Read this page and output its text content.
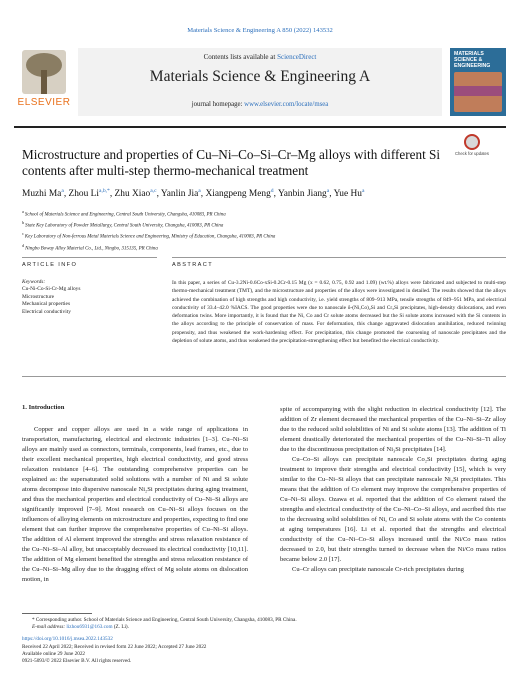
Materials Science & Engineering A 850 (2022) 143532
ELSEVIER
Contents lists available at ScienceDirect
Materials Science & Engineering A
journal homepage: www.elsevier.com/locate/msea
MATERIALS SCIENCE & ENGINEERING
Microstructure and properties of Cu–Ni–Co–Si–Cr–Mg alloys with different Si contents after multi-step thermo-mechanical treatment
Check for updates
Muzhi Ma$^a$, Zhou $Li^{a,b,*}$, Zhu Xiao$^{a,c}$, Yanlin Jia$^a$, Xiangpeng Meng$^d$, Yanbin Jiang$^a$, Yue Hu$^a$
$^a$ School of Materials Science and Engineering, Central South University, Changsha, 410083, PR China
$^b$ State Key Laboratory of Powder Metallurgy, Central South University, Changsha, 410083, PR China
$^c$ Key Laboratory of Non-ferrous Metal Materials Science and Engineering, Ministry of Education, Changsha, 410083, PR China
$^d$ Ningbo Boway Alloy Material Co., Ltd., Ningbo, 315135, PR China
ARTICLE INFO	ABSTRACT
Keywords:
Cu-Ni-Co-Si-Cr-Mg alloys
Microstructure
Mechanical properties
Electrical conductivity
In this paper, a series of Cu-3.2Ni-0.6Co-xSi-0.2Cr-0.15 Mg (x = 0.62, 0.75, 0.92 and 1.09) (wt.%) alloys were fabricated and subjected to multi-step thermo-mechanical treatment (TMT), and the microstructure and properties of the alloys were investigated in detailed. The results showed that the alloys achieved the combination of high strengths and high conductivity, i.e. yield strengths of 809–913 MPa, tensile strengths of 849–951 MPa, and electrical conductivity of 33.4–42.0 %IACS. The good properties were due to nanoscale δ-(Ni,Co)₂Si and Cr₃Si precipitates, high-density dislocations, and even deformation twins. More importantly, it is found that the Ni, Co and Cr solute atoms decreased but the Si solute atoms increased with the Si contents in the alloys according to the principle of conservation of mass. For deformation, this change aggravated dislocation annihilation, reduced twinning propensity, and thus weakened the work-hardening effect. For precipitation, this change promoted the coarsening of nanoscale precipitates and the depletion of solute atoms, and thus weakened the precipitation-strengthening effect but benefited the electrical conductivity.
1. Introduction

Copper and copper alloys are used in a wide range of applications in transportation, manufacturing, electrical and electronic industries [1–3]. Cu–Ni–Si alloys are mainly used as connectors, terminals, components, lead frames, etc., due to their excellent mechanical properties, high electrical conductivity, and good stress relaxation resistance [4–6]. The outstanding comprehensive properties can be explained as: the supersaturated solid solutions with a number of Ni and Si solute atoms decompose into dispersive nanoscale Ni₂Si precipitates during aging treatment, and thus the mechanical properties and electrical conductivity of Cu–Ni–Si alloys are significantly improved [7–9]. Most research on Cu–Ni–Si alloys focuses on the influences of alloying elements on microstructure and properties, expecting to find one element that can further improve the comprehensive properties of Cu–Ni–Si alloys. The addition of Al element improved the strengths and stress relaxation resistance of the Cu–Ni–Si–Al alloy, but unacceptably decreased its electrical conductivity [10,11]. The addition of Mg element benefited the strengths and stress relaxation resistance of the Cu–Ni–Si–Mg alloy due to the dragging effect of Mg solute atoms on dislocation motion, in

spite of accompanying with the slight reduction in electrical conductivity [12]. The addition of Zr element decreased the mechanical properties of the Cu–Ni–Si–Zr alloy due to the reduced solid solubilities of Ni and Si solute atoms [13]. The addition of Ti element drastically deteriorated the mechanical properties of the Cu–Ni–Si–Ti alloy due to the discontinuous precipitation of Ni₃Si precipitates [14].

Cu–Co–Si alloys can precipitate nanoscale Co₂Si precipitates during aging treatment to improve their strengths and electrical conductivity [15], which is very similar to the Cu–Ni–Si alloys that can precipitate nanoscale Ni₂Si precipitates. This means that the addition of Co element may improve the comprehensive properties of Cu–Ni–Si alloys. Ozawa et al. reported that the addition of Co element raised the strengths and electrical conductivity of the Cu–Ni–Co–Si alloys, and ascribed this rise to the decreasing solid solubilities of Ni, Co and Si solute atoms with the Co contents at aging temperatures [16]. Li et al. reported that the strengths and electrical conductivity of the Cu–Ni–Co–Si alloys increased until the Ni/Co mass ratios decreased to 2.0, but their strengths turned to decrease when the Ni/Co mass ratios became below 2.0 [17].

Cu–Cr alloys can precipitate nanoscale Cr-rich precipitates during

* Corresponding author. School of Materials Science and Engineering, Central South University, Changsha, 410083, PR China.
E-mail address: lizhou6931@163.com (Z. Li).
https://doi.org/10.1016/j.msea.2022.143532
Received 22 April 2022; Received in revised form 22 June 2022; Accepted 27 June 2022
Available online 29 June 2022
0921-5093/© 2022 Elsevier B.V. All rights reserved.
